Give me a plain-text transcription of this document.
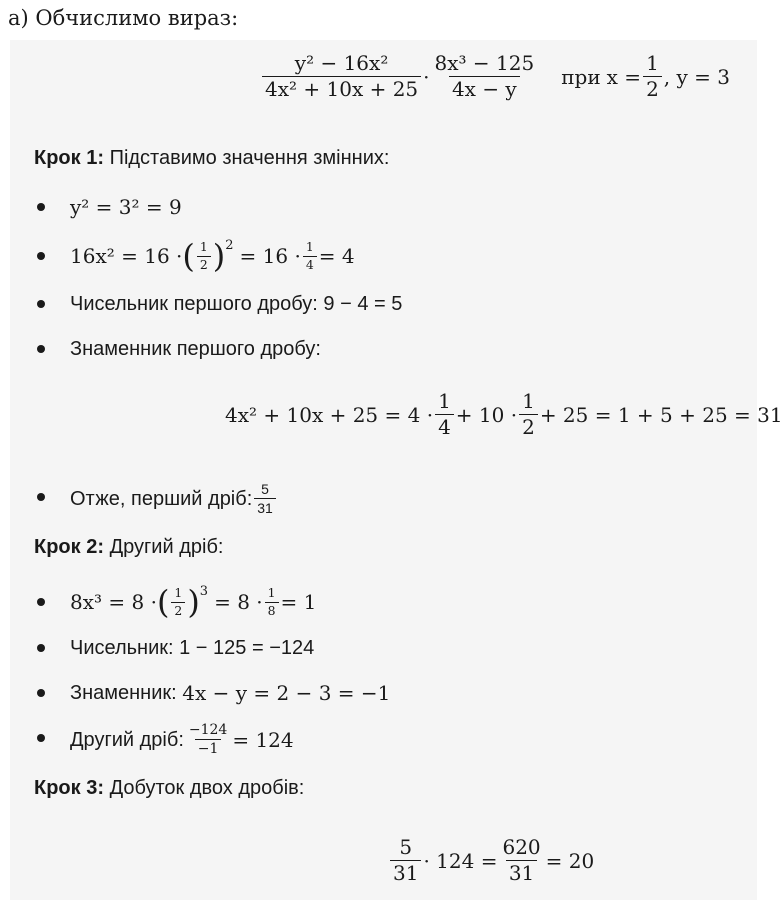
а) Обчислимо вираз:
$\frac{\text{y² − 16x²}}{\text{4x² + 10x + 25}} \cdot \frac{\text{8x³ − 125}}{4x - y}$ при $x = \frac{1}{2}$ , y = 3
Крок 1:
Підставимо значення змінних:
y² = 3² = 9
16x² = 16 · ( $\frac{1}{2} )^2 = 16 \cdot \frac{1}{4} = 4$
Чисельник першого дробу: 9 − 4 = 5
Знаменник першого дробу:
$4x^2 + 10x + 25 = 4 \cdot \frac{1}{4} + 10 \cdot \frac{1}{2} + 25 = 1 + 5 + 25 = 31$
Отже, перший дріб: $\frac{5}{31}$
Крок 2:
Другий дріб:
8x³ = 8 · ( $\frac{1}{2} )^3 = 8 \cdot \frac{1}{8} = 1$
Чисельник: 1 − 125 = −124
Знаменник:
4x − y = 2 − 3 = −1
Другий дріб: $\frac{-124}{-1} = 124$
Крок 3:
Добуток двох дробів:
$\frac{5}{31} \cdot 124 = \frac{620}{31} = 20$
